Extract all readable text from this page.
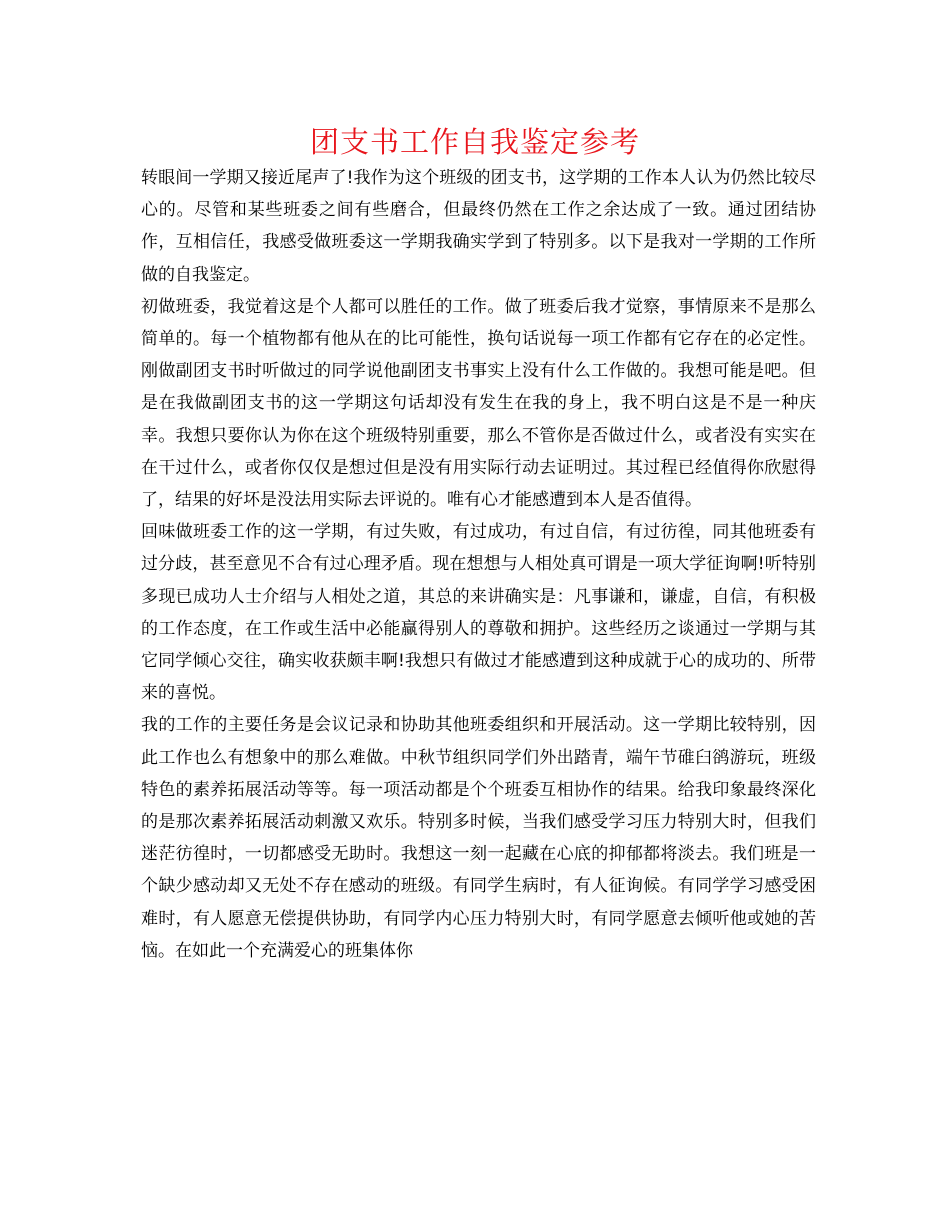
团支书工作自我鉴定参考

转眼间一学期又接近尾声了!我作为这个班级的团支书，这学期的工作本人认为仍然比较尽心的。尽管和某些班委之间有些磨合，但最终仍然在工作之余达成了一致。通过团结协作，互相信任，我感受做班委这一学期我确实学到了特别多。以下是我对一学期的工作所做的自我鉴定。

初做班委，我觉着这是个人都可以胜任的工作。做了班委后我才觉察，事情原来不是那么简单的。每一个植物都有他从在的比可能性，换句话说每一项工作都有它存在的必定性。刚做副团支书时听做过的同学说他副团支书事实上没有什么工作做的。我想可能是吧。但是在我做副团支书的这一学期这句话却没有发生在我的身上，我不明白这是不是一种庆幸。我想只要你认为你在这个班级特别重要，那么不管你是否做过什么，或者没有实实在在干过什么，或者你仅仅是想过但是没有用实际行动去证明过。其过程已经值得你欣慰得了，结果的好坏是没法用实际去评说的。唯有心才能感遭到本人是否值得。

回味做班委工作的这一学期，有过失败，有过成功，有过自信，有过彷徨，同其他班委有过分歧，甚至意见不合有过心理矛盾。现在想想与人相处真可谓是一项大学征询啊!听特别多现已成功人士介绍与人相处之道，其总的来讲确实是：凡事谦和，谦虚，自信，有积极的工作态度，在工作或生活中必能赢得别人的尊敬和拥护。这些经历之谈通过一学期与其它同学倾心交往，确实收获颇丰啊!我想只有做过才能感遭到这种成就于心的成功的、所带来的喜悦。

我的工作的主要任务是会议记录和协助其他班委组织和开展活动。这一学期比较特别，因此工作也么有想象中的那么难做。中秋节组织同学们外出踏青，端午节碓臼鹆游玩，班级特色的素养拓展活动等等。每一项活动都是个个班委互相协作的结果。给我印象最终深化的是那次素养拓展活动刺激又欢乐。特别多时候，当我们感受学习压力特别大时，但我们迷茫彷徨时，一切都感受无助时。我想这一刻一起藏在心底的抑郁都将淡去。我们班是一个缺少感动却又无处不存在感动的班级。有同学生病时，有人征询候。有同学学习感受困难时，有人愿意无偿提供协助，有同学内心压力特别大时，有同学愿意去倾听他或她的苦恼。在如此一个充满爱心的班集体你
